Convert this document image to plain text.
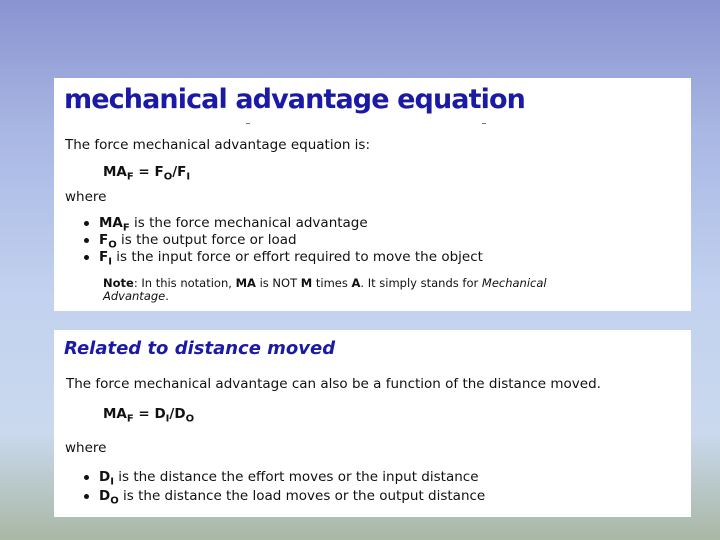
mechanical advantage equation
The force mechanical advantage equation is:
$MA_F = F_O/F_I$
where
$MA_F$ is the force mechanical advantage
$F_O$ is the output force or load
$F_I$ is the input force or effort required to move the object
Note: In this notation, MA is NOT M times A. It simply stands for Mechanical
Advantage.
Related to distance moved
The force mechanical advantage can also be a function of the distance moved.
$MA_F = D_I/D_O$
where
$D_I$ is the distance the effort moves or the input distance
$D_O$ is the distance the load moves or the output distance
